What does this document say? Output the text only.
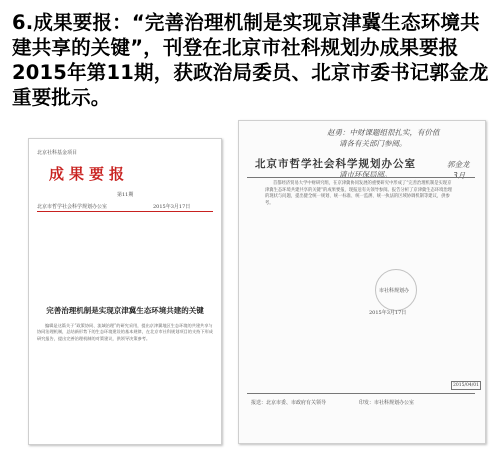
6.成果要报：“完善治理机制是实现京津冀生态环境共
建共享的关键”，刊登在北京市社科规划办成果要报
2015年第11期，获政治局委员、北京市委书记郭金龙
重要批示。
北京社科基金项目
成果要报
第11期
北京市哲学社会科学规划办公室	2015年3月17日
完善治理机制是实现京津冀生态环境共建的关键
编辑是这篇关于“政策协同、流域治理”的研究采用，提出京津冀地区生态环境的共建共享与协同治理机制，总结新形势下的生态环境建设的基本规律，在北京市社科规划项目的支持下形成研究报告，提出完善治理机制的对策建议，供领导决策参考。
赵勇：中财课题组很扎实，有价值
请各有关部门参阅。
郭金龙
3月
北京市哲学社会科学规划办公室
请市环保局阅。
首都经济贸易大学中财研究组，在京津冀协同发展的重要研究中形成了“完善治理机制是实现京津冀生态环境共建共享的关键”的成果要报，现报送有关领导参阅。报告分析了京津冀生态环境治理的现状与问题，提出健全统一规划、统一标准、统一监测、统一执法的区域协调机制等建议，供参考。
市社科规划办
2015年3月17日
报送：北京市委、市政府有关领导	印发：市社科规划办公室
2015/04/01
